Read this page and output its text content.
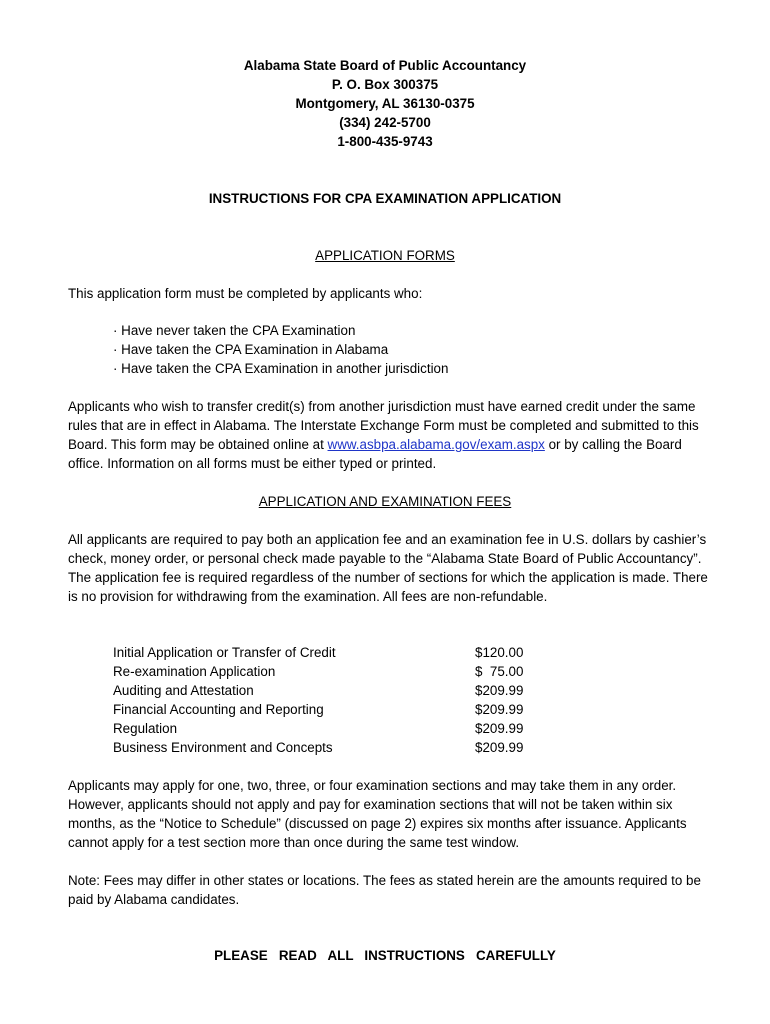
Alabama State Board of Public Accountancy
P. O. Box 300375
Montgomery, AL 36130-0375
(334) 242-5700
1-800-435-9743
INSTRUCTIONS FOR CPA EXAMINATION APPLICATION
APPLICATION FORMS
This application form must be completed by applicants who:
· Have never taken the CPA Examination
· Have taken the CPA Examination in Alabama
· Have taken the CPA Examination in another jurisdiction

Applicants who wish to transfer credit(s) from another jurisdiction must have earned credit under the same rules that are in effect in Alabama. The Interstate Exchange Form must be completed and submitted to this Board. This form may be obtained online at www.asbpa.alabama.gov/exam.aspx or by calling the Board office. Information on all forms must be either typed or printed.

APPLICATION AND EXAMINATION FEES

All applicants are required to pay both an application fee and an examination fee in U.S. dollars by cashier’s check, money order, or personal check made payable to the “Alabama State Board of Public Accountancy”. The application fee is required regardless of the number of sections for which the application is made. There is no provision for withdrawing from the examination. All fees are non-refundable.

Initial Application or Transfer of Credit	$120.00
Re-examination Application	$  75.00
Auditing and Attestation	$209.99
Financial Accounting and Reporting	$209.99
Regulation	$209.99
Business Environment and Concepts	$209.99

Applicants may apply for one, two, three, or four examination sections and may take them in any order. However, applicants should not apply and pay for examination sections that will not be taken within six months, as the “Notice to Schedule” (discussed on page 2) expires six months after issuance. Applicants cannot apply for a test section more than once during the same test window.

Note: Fees may differ in other states or locations. The fees as stated herein are the amounts required to be paid by Alabama candidates.

PLEASE   READ   ALL   INSTRUCTIONS   CAREFULLY
